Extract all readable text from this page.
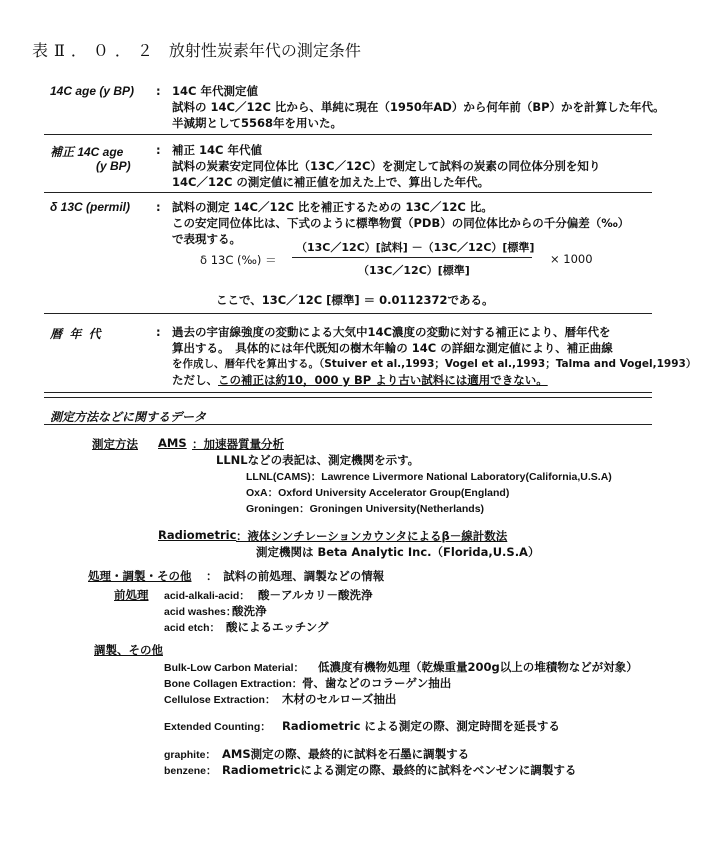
表Ⅱ．０．２ 放射性炭素年代の測定条件
14C age (y BP) : 14C 年代測定値
試料の 14C／12C 比から、単純に現在（1950年AD）から何年前（BP）かを計算した年代。
半減期として5568年を用いた。
補正 14C age
(y BP)
: 補正 14C 年代値
試料の炭素安定同位体比（13C／12C）を測定して試料の炭素の同位体分別を知り
14C／12C の測定値に補正値を加えた上で、算出した年代。
δ 13C (permil) : 試料の測定 14C／12C 比を補正するための 13C／12C 比。
この安定同位体比は、下式のように標準物質（PDB）の同位体比からの千分偏差（‰）
で表現する。
δ 13C (‰) ＝
（13C／12C）[試料] －（13C／12C）[標準]
（13C／12C）[標準]
× 1000
ここで、13C／12C [標準] ＝ 0.0112372である。
暦 年 代	: 過去の宇宙線強度の変動による大気中14C濃度の変動に対する補正により、暦年代を
算出する。　具体的には年代既知の樹木年輪の 14C の詳細な測定値により、補正曲線
を作成し、暦年代を算出する。（Stuiver et al.,1993；Vogel et al.,1993；Talma and Vogel,1993）
ただし、この補正は約10，000 y BP より古い試料には適用できない。
測定方法などに関するデータ
測定方法 AMS ：加速器質量分析
LLNLなどの表記は、測定機関を示す。
LLNL(CAMS)：Lawrence Livermore National Laboratory(California,U.S.A)
OxA：Oxford University Accelerator Group(England)
Groningen：Groningen University(Netherlands)
Radiometric ：液体シンチレーションカウンタによるβ－線計数法
測定機関は Beta Analytic Inc.（Florida,U.S.A）
処理・調製・その他 ：　試料の前処理、調製などの情報
前処理 acid-alkali-acid： 酸－アルカリ－酸洗浄
acid washes：
酸洗浄
acid etch： 酸によるエッチング
調製、その他
Bulk-Low Carbon Material： 低濃度有機物処理（乾燥重量200g以上の堆積物などが対象）
Bone Collagen Extraction： 骨、歯などのコラーゲン抽出
Cellulose Extraction： 木材のセルローズ抽出
Extended Counting： Radiometric による測定の際、測定時間を延長する
graphite： AMS測定の際、最終的に試料を石墨に調製する
benzene： Radiometricによる測定の際、最終的に試料をベンゼンに調製する
